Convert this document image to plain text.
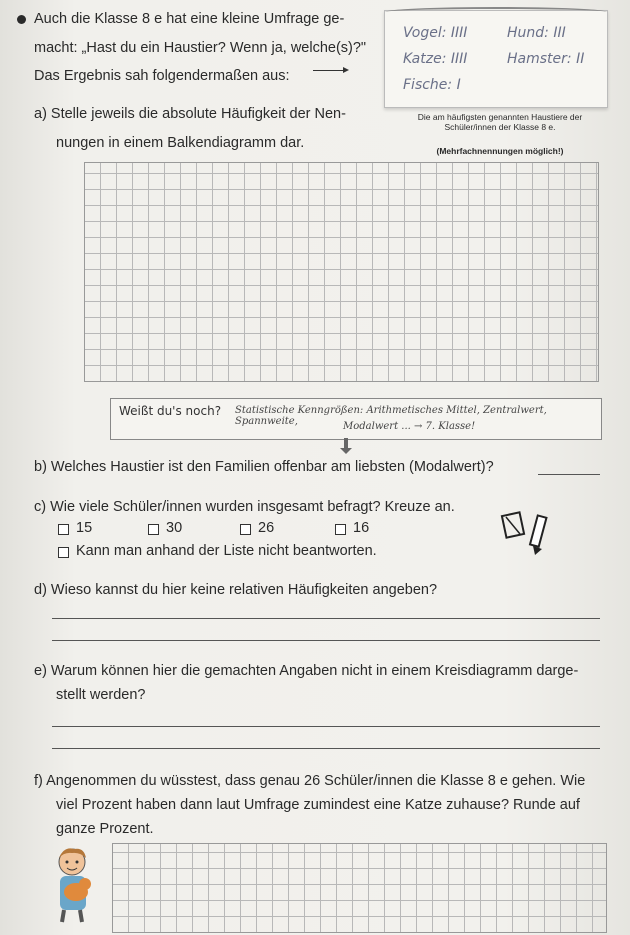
Auch die Klasse 8 e hat eine kleine Umfrage ge-
macht: „Hast du ein Haustier? Wenn ja, welche(s)?"
Das Ergebnis sah folgendermaßen aus:
Vogel: IIII	Hund: III
Katze: IIII	Hamster: II
Fische: I
Die am häufigsten genannten Haustiere der Schüler/innen der Klasse 8 e.
a) Stelle jeweils die absolute Häufigkeit der Nen-
nungen in einem Balkendiagramm dar.	(Mehrfachnennungen möglich!)
Weißt du's noch? Statistische Kenngrößen: Arithmetisches Mittel, Zentralwert, Spannweite,	Modalwert ... → 7. Klasse!
b) Welches Haustier ist den Familien offenbar am liebsten (Modalwert)?
c) Wie viele Schüler/innen wurden insgesamt befragt? Kreuze an.
15	30	26	16
Kann man anhand der Liste nicht beantworten.
d) Wieso kannst du hier keine relativen Häufigkeiten angeben?
e) Warum können hier die gemachten Angaben nicht in einem Kreisdiagramm darge-
stellt werden?
f) Angenommen du wüsstest, dass genau 26 Schüler/innen die Klasse 8 e gehen. Wie
viel Prozent haben dann laut Umfrage zumindest eine Katze zuhause? Runde auf
ganze Prozent.
